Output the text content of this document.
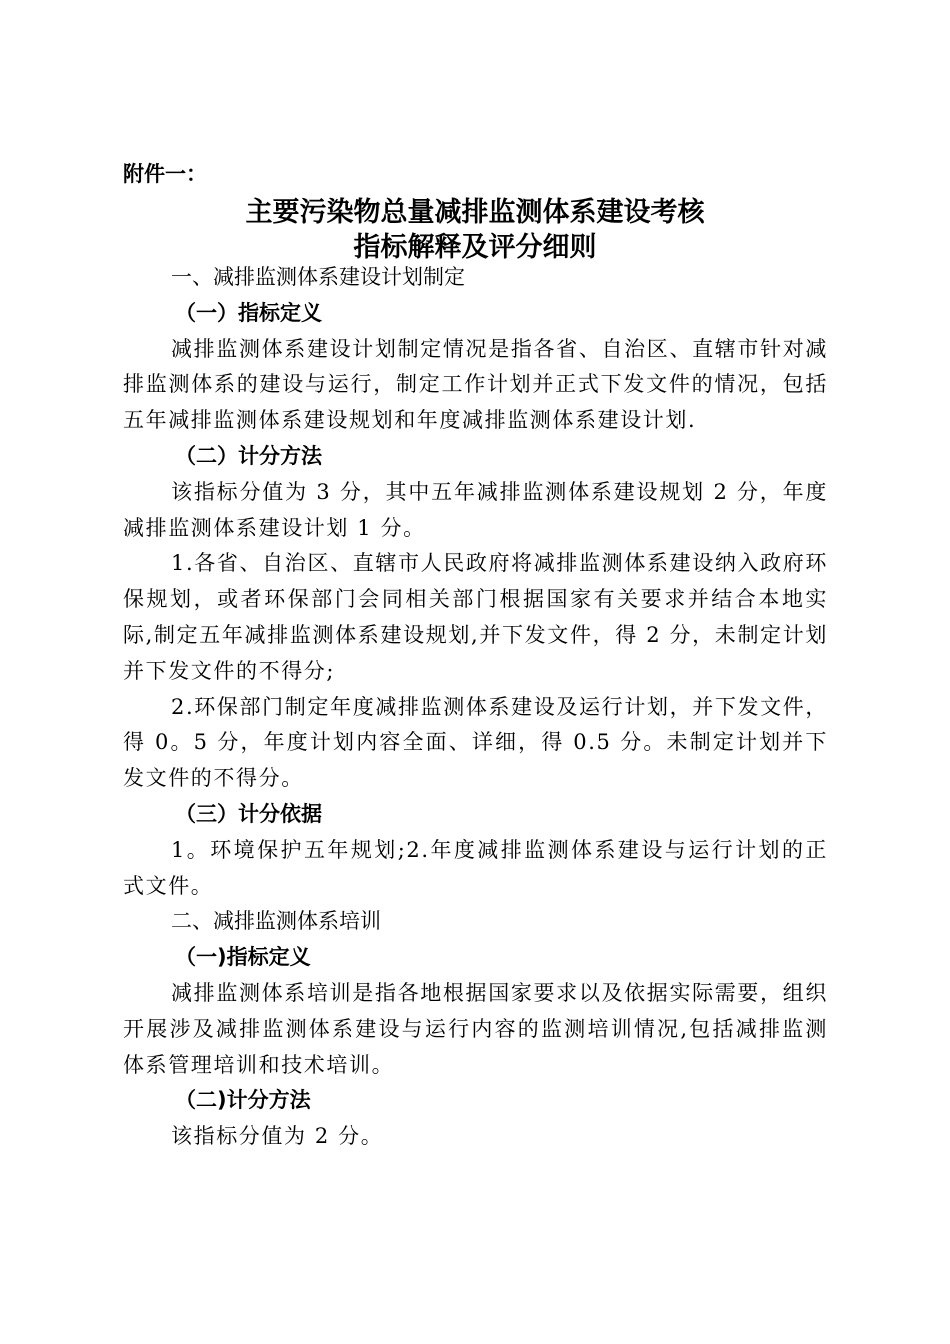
附件一：
主要污染物总量减排监测体系建设考核
指标解释及评分细则

一、减排监测体系建设计划制定

（一）指标定义

减排监测体系建设计划制定情况是指各省、自治区、直辖市针对减排监测体系的建设与运行，制定工作计划并正式下发文件的情况，包括五年减排监测体系建设规划和年度减排监测体系建设计划.

（二）计分方法

该指标分值为 3 分，其中五年减排监测体系建设规划 2 分，年度减排监测体系建设计划 1 分。

1.各省、自治区、直辖市人民政府将减排监测体系建设纳入政府环保规划，或者环保部门会同相关部门根据国家有关要求并结合本地实际,制定五年减排监测体系建设规划,并下发文件，得 2 分，未制定计划并下发文件的不得分;

2.环保部门制定年度减排监测体系建设及运行计划，并下发文件，得 0。5 分，年度计划内容全面、详细，得 0.5 分。未制定计划并下发文件的不得分。

（三）计分依据

1。环境保护五年规划;2.年度减排监测体系建设与运行计划的正式文件。

二、减排监测体系培训

（一)指标定义

减排监测体系培训是指各地根据国家要求以及依据实际需要，组织开展涉及减排监测体系建设与运行内容的监测培训情况,包括减排监测体系管理培训和技术培训。

（二)计分方法

该指标分值为 2 分。
